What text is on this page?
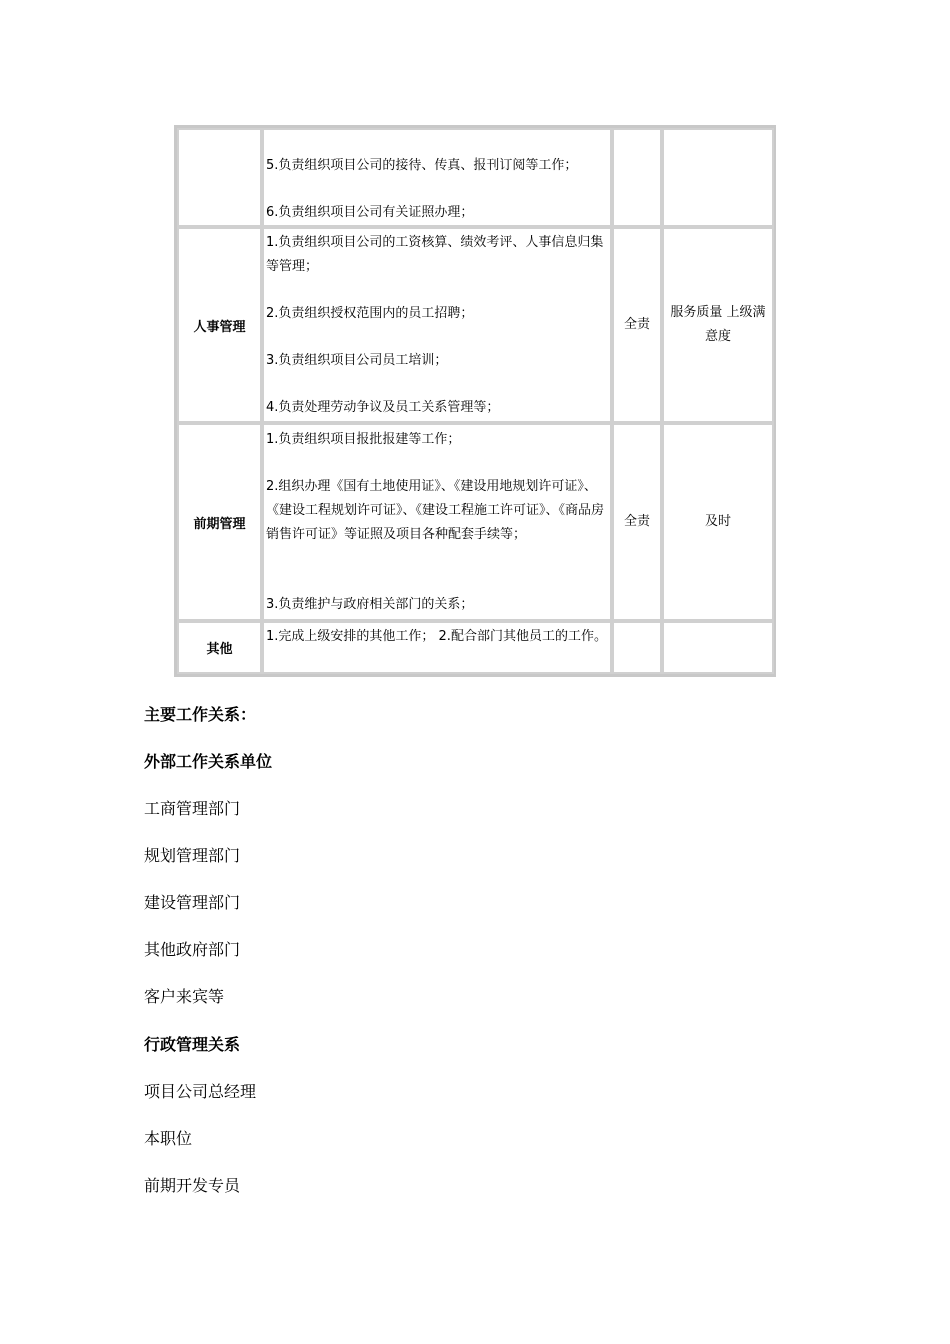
5.负责组织项目公司的接待、传真、报刊订阅等工作；
6.负责组织项目公司有关证照办理；
人事管理
1.负责组织项目公司的工资核算、绩效考评、人事信息归集等管理；
2.负责组织授权范围内的员工招聘；
3.负责组织项目公司员工培训；
4.负责处理劳动争议及员工关系管理等；
全责
服务质量 上级满意度
前期管理
1.负责组织项目报批报建等工作；
2.组织办理《国有土地使用证》、《建设用地规划许可证》、《建设工程规划许可证》、《建设工程施工许可证》、《商品房销售许可证》等证照及项目各种配套手续等；
3.负责维护与政府相关部门的关系；
全责	及时
其他
1.完成上级安排的其他工作； 2.配合部门其他员工的工作。
主要工作关系：
外部工作关系单位
工商管理部门
规划管理部门
建设管理部门
其他政府部门
客户来宾等
行政管理关系
项目公司总经理
本职位
前期开发专员
